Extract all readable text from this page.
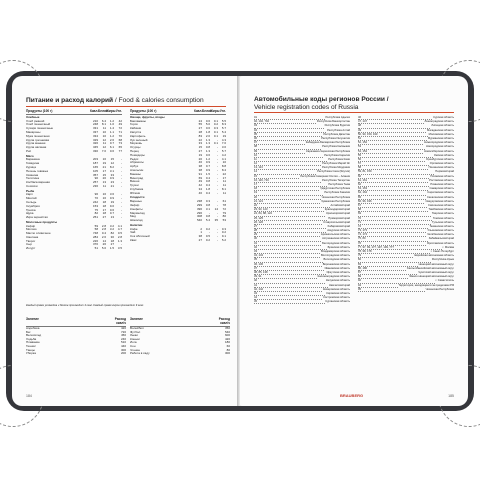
Питание и расход калорий / Food & calories consumption
Продукты (100 г)	Ккал. Белки
Жиры Угл.
Хлебные
Хлеб ржаной	210	6.4	1.2	42
Хлеб пшеничный	248	8.1	1.0	49
Сухари пшеничные	331	11	1.4	72
Макароны	337	10	1.1	71
Мука пшеничная	334	10	1.2	70
Крупа гречневая	329	12	2.6	68
Крупа манная	326	11	0.7	73
Крупа овсяная	345	12	6.1	65
Рис	330	7.0	0.6	77
Мясо
Баранина	203	16	15	-
Говядина	187	19	12	-
Курица	165	21	8.2	-
Печень говяжья	105	17	3.1	-
Свинина	357	15	33	-
Телятина	90	20	0.9	-
Колбаса вареная	257	13	23	-
Сосиски	236	11	21	-
Рыба
Карп	96	16	3.6	-
Минтай	70	16	0.9	-
Сельдь	242	18	19	-
Скумбрия	153	18	9.0	-
Треска	75	17	0.6	-
Щука	82	18	0.7	-
Икра зернистая	251	27	13	-
Молочные продукты
Кефир	59	2.8	3.2	4.1
Молоко	58	2.8	3.2	4.7
Масло сливочное	748	0.4	82	0.5
Сметана	284	2.6	30	2.8
Творог	226	14	18	1.3
Сыр	370	26	27	-
Йогурт	51	5.0	1.5	3.5
Продукты (100 г)	Ккал. Белки
Жиры Угл.
Овощи, фрукты, ягоды
Баклажаны	24	0.6	0.1	5.5
Горох	55	5.0	0.2	8.3
Кабачки	27	0.6	0.3	5.7
Капуста	28	1.8	0.1	5.4
Картофель	83	2.0	0.1	19
Лук зеленый	22	1.3	-	4.3
Морковь	33	1.3	0.1	7.0
Огурцы	15	0.8	-	3.0
Перец	27	1.3	-	5.7
Помидоры	19	0.6	-	4.2
Редис	20	1.2	-	4.1
Абрикосы	46	0.9	-	10
Арбуз	38	0.7	-	8.8
Апельсин	38	0.9	-	8.4
Бананы	91	1.5	-	22
Виноград	69	0.4	-	17
Вишня	49	0.8	-	11
Груши	42	0.4	-	11
Клубника	34	1.8	-	8.1
Яблоки	46	0.4	-	11
Сладости
Варенье	238	0.3	-	61
Зефир	299	0.8	-	78
Конфеты	396	3.1	14	72
Мармелад	296	-	-	79
Мед	308	0.8	-	80
Шоколад	540	5.4	35	53
Напитки
Кофе	2	0.2	-	0.3
Чай	1	-	-	0.2
Сок яблочный	38	0.5	-	9.1
Квас	27	0.2	-	5.2
Каждый грамм углеводов и белков производит 4 ккал. Каждый грамм жиров производит 9 ккал.
Занятие	Расход ккал/ч
Аэробика	420
Бег	720
Велосипед	450
Ходьба	240
Плавание	510
Теннис	440
Танцы	300
Уборка	200
Занятие	Расход ккал/ч
Волейбол	350
Футбол	540
Лыжи	600
Коньки	420
Йога	180
Сон	60
Чтение	80
Работа в саду	300
184
Автомобильные коды регионов России /
Vehicle registration codes of Russia
01	Республика Адыгея
02, 102, 702	Республика Башкортостан
03	Республика Бурятия
04	Республика Алтай
05	Республика Дагестан
06	Республика Ингушетия
07	Кабардино-Балкарская Республика
08	Республика Калмыкия
09	Карачаево-Черкесская Республика
10	Республика Карелия
11	Республика Коми
12	Республика Марий Эл
13, 113	Республика Мордовия
14	Республика Саха (Якутия)
15	Республика Северная Осетия – Алания
16, 116, 716	Республика Татарстан
17	Республика Тыва
18	Удмуртская Республика
19	Республика Хакасия
20	Чеченская Республика
21, 121	Чувашская Республика
22	Алтайский край
23, 93, 123	Краснодарский край
24, 84, 88, 124	Красноярский край
25, 125	Приморский край
26, 126	Ставропольский край
27	Хабаровский край
28	Амурская область
29	Архангельская область
30	Астраханская область
31	Белгородская область
32	Брянская область
33	Владимирская область
34, 134	Волгоградская область
35	Вологодская область
36, 136	Воронежская область
37	Ивановская область
38, 85, 138	Иркутская область
39, 91	Калининградская область
40	Калужская область
41	Камчатский край
42, 142	Кемеровская область
43	Кировская область
44	Костромская область
45	Курганская область
46	Курская область
47, 147	Ленинградская область
48	Липецкая область
49	Магаданская область
50, 90, 150, 190	Московская область
51	Мурманская область
52, 152	Нижегородская область
53	Новгородская область
54, 154	Новосибирская область
55	Омская область
56	Оренбургская область
57	Орловская область
58	Пензенская область
59, 81, 159	Пермский край
60	Псковская область
61, 161	Ростовская область
62	Рязанская область
63, 163	Самарская область
64, 164	Саратовская область
65	Сахалинская область
66, 96, 196	Свердловская область
67	Смоленская область
68	Тамбовская область
69	Тверская область
70	Томская область
71	Тульская область
72	Тюменская область
73, 173	Ульяновская область
74, 174	Челябинская область
75, 80	Забайкальский край
76	Ярославская область
77, 97, 99, 177, 197, 199, 777	г. Москва
78, 98, 178	г. Санкт-Петербург
79	Еврейская автономная область
82	Республика Крым
83	Ненецкий автономный округ
86, 186	Ханты-Мансийский автономный округ
87	Чукотский автономный округ
89	Ямало-Ненецкий автономный округ
92	г. Севастополь
94	Территории, находящиеся за пределами РФ
95	Чеченская Республика
BRAUBERG	185
